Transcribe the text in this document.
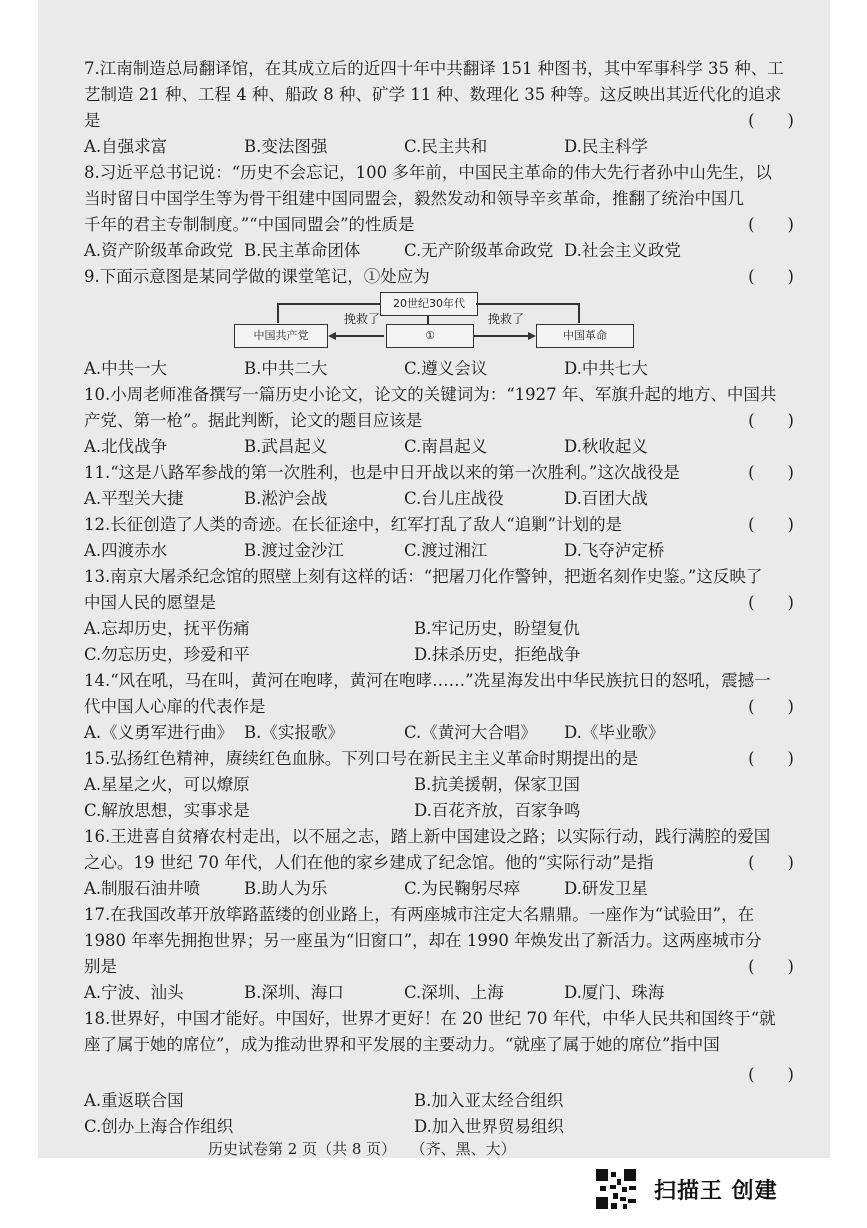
7.江南制造总局翻译馆，在其成立后的近四十年中共翻译 151 种图书，其中军事科学 35 种、工
艺制造 21 种、工程 4 种、船政 8 种、矿学 11 种、数理化 35 种等。这反映出其近代化的追求
是	(　　)
A.自强求富	B.变法图强	C.民主共和	D.民主科学
8.习近平总书记说：“历史不会忘记，100 多年前，中国民主革命的伟大先行者孙中山先生，以
当时留日中国学生等为骨干组建中国同盟会，毅然发动和领导辛亥革命，推翻了统治中国几
千年的君主专制制度。”“中国同盟会”的性质是	(　　)
A.资产阶级革命政党 B.民主革命团体	C.无产阶级革命政党 D.社会主义政党
9.下面示意图是某同学做的课堂笔记，①处应为	(　　)
20世纪30年代
中国共产党	①	中国革命
挽救了	挽救了
A.中共一大	B.中共二大	C.遵义会议	D.中共七大
10.小周老师准备撰写一篇历史小论文，论文的关键词为：“1927 年、军旗升起的地方、中国共
产党、第一枪”。据此判断，论文的题目应该是	(　　)
A.北伐战争	B.武昌起义	C.南昌起义	D.秋收起义
11.“这是八路军参战的第一次胜利，也是中日开战以来的第一次胜利。”这次战役是	(　　)
A.平型关大捷	B.淞沪会战	C.台儿庄战役	D.百团大战
12.长征创造了人类的奇迹。在长征途中，红军打乱了敌人“追剿”计划的是	(　　)
A.四渡赤水	B.渡过金沙江	C.渡过湘江	D.飞夺泸定桥
13.南京大屠杀纪念馆的照壁上刻有这样的话：“把屠刀化作警钟，把逝名刻作史鉴。”这反映了
中国人民的愿望是	(　　)
A.忘却历史，抚平伤痛	B.牢记历史，盼望复仇
C.勿忘历史，珍爱和平	D.抹杀历史，拒绝战争
14.“风在吼，马在叫，黄河在咆哮，黄河在咆哮……”冼星海发出中华民族抗日的怒吼，震撼一
代中国人心扉的代表作是	(　　)
A.《义勇军进行曲》 B.《实报歌》	C.《黄河大合唱》	D.《毕业歌》
15.弘扬红色精神，赓续红色血脉。下列口号在新民主主义革命时期提出的是	(　　)
A.星星之火，可以燎原	B.抗美援朝，保家卫国
C.解放思想，实事求是	D.百花齐放，百家争鸣
16.王进喜自贫瘠农村走出，以不屈之志，踏上新中国建设之路；以实际行动，践行满腔的爱国
之心。19 世纪 70 年代，人们在他的家乡建成了纪念馆。他的“实际行动”是指	(　　)
A.制服石油井喷	B.助人为乐	C.为民鞠躬尽瘁	D.研发卫星
17.在我国改革开放筚路蓝缕的创业路上，有两座城市注定大名鼎鼎。一座作为“试验田”，在
1980 年率先拥抱世界；另一座虽为“旧窗口”，却在 1990 年焕发出了新活力。这两座城市分
别是	(　　)
A.宁波、汕头	B.深圳、海口	C.深圳、上海	D.厦门、珠海
18.世界好，中国才能好。中国好，世界才更好！在 20 世纪 70 年代，中华人民共和国终于“就
座了属于她的席位”，成为推动世界和平发展的主要动力。“就座了属于她的席位”指中国
(　　)
A.重返联合国	B.加入亚太经合组织
C.创办上海合作组织	D.加入世界贸易组织
历史试卷第 2 页（共 8 页） （齐、黑、大）
扫描王 创建
